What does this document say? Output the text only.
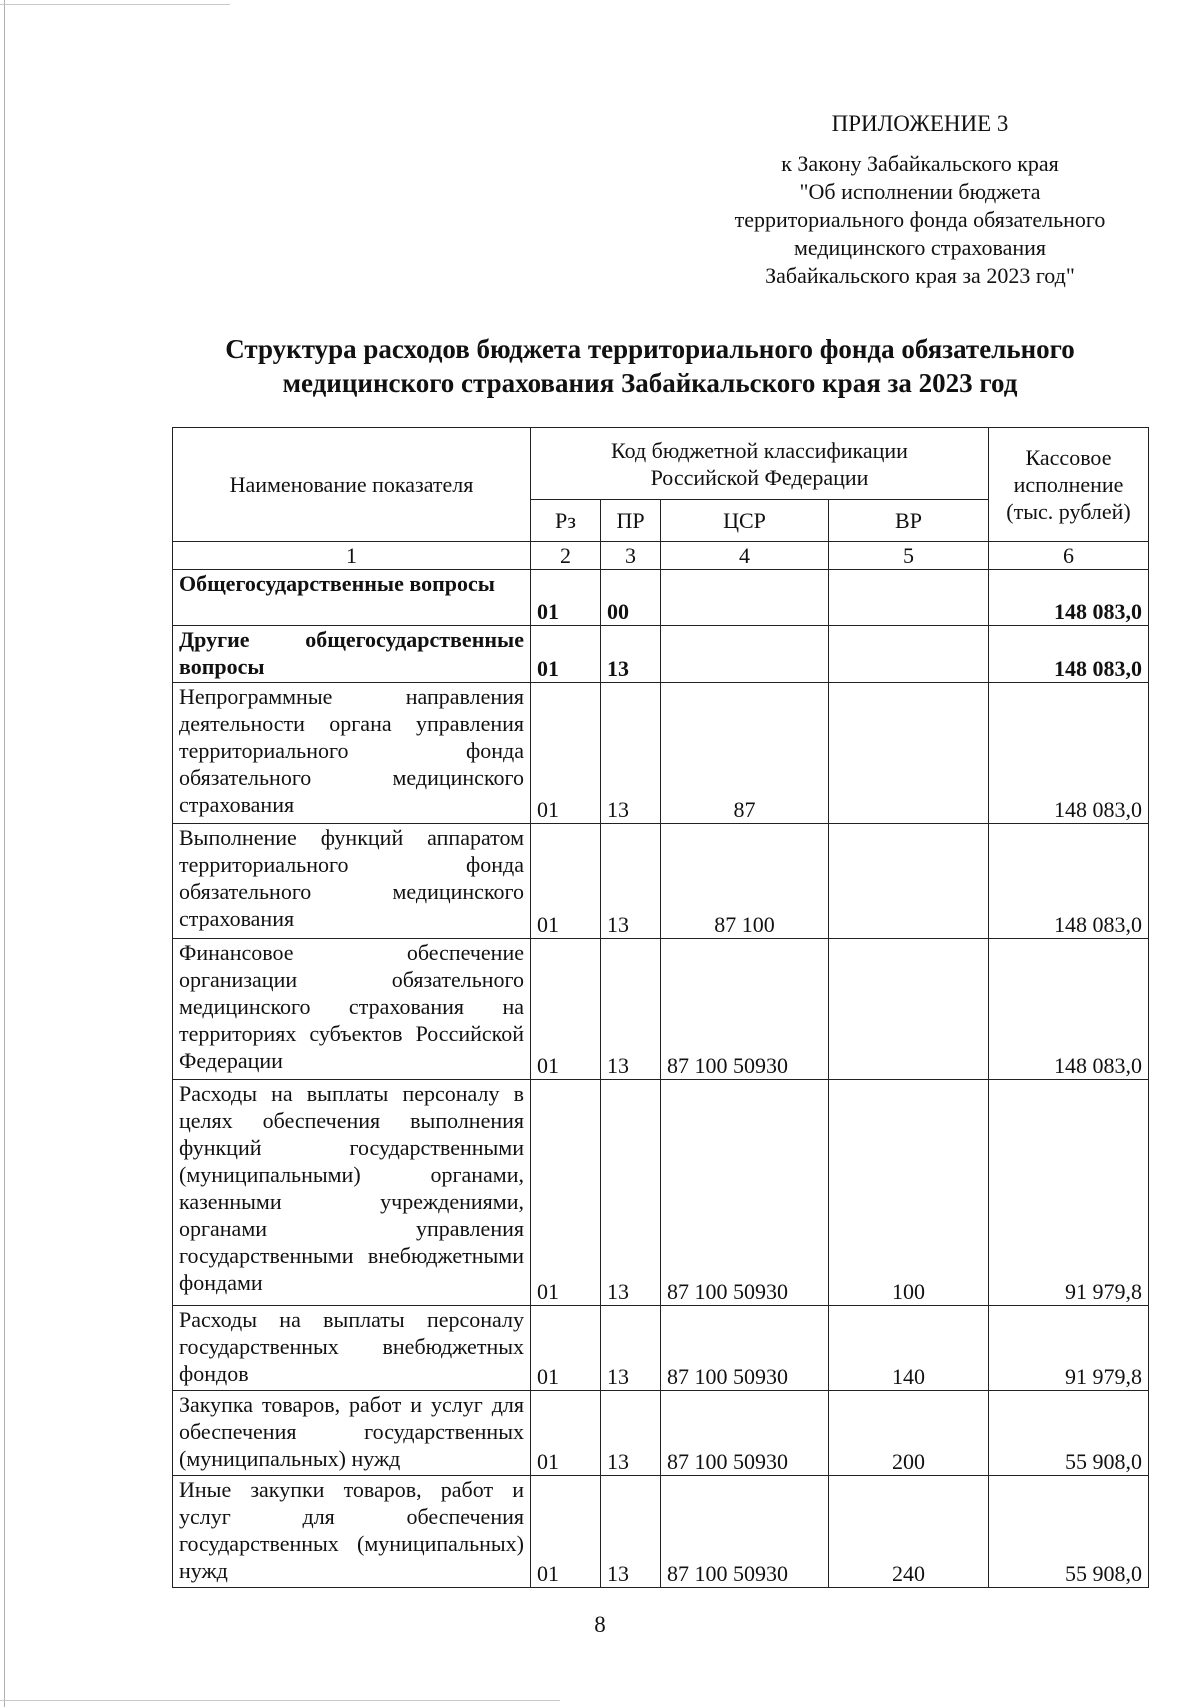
ПРИЛОЖЕНИЕ 3
к Закону Забайкальского края
"Об исполнении бюджета
территориального фонда обязательного
медицинского страхования
Забайкальского края за 2023 год"
Структура расходов бюджета территориального фонда обязательного
медицинского страхования Забайкальского края за 2023 год
Наименование показателя	Код бюджетной классификации Российской Федерации				Кассовое исполнение (тыс. рублей)
	Рз	ПР	ЦСР	ВР	
1	2	3	4	5	6
Общегосударственные вопросы	01	00			148 083,0
Другие общегосударственные вопросы	01	13			148 083,0
Непрограммные направления деятельности органа управления территориального фонда обязательного медицинского страхования	01	13	87		148 083,0
Выполнение функций аппаратом территориального фонда обязательного медицинского страхования	01	13	87 100		148 083,0
Финансовое обеспечение организации обязательного медицинского страхования на территориях субъектов Российской Федерации	01	13	87 100 50930		148 083,0
Расходы на выплаты персоналу в целях обеспечения выполнения функций государственными (муниципальными) органами, казенными учреждениями, органами управления государственными внебюджетными фондами	01	13	87 100 50930	100	91 979,8
Расходы на выплаты персоналу государственных внебюджетных фондов	01	13	87 100 50930	140	91 979,8
Закупка товаров, работ и услуг для обеспечения государственных (муниципальных) нужд	01	13	87 100 50930	200	55 908,0
Иные закупки товаров, работ и услуг для обеспечения государственных (муниципальных) нужд	01	13	87 100 50930	240	55 908,0
8
